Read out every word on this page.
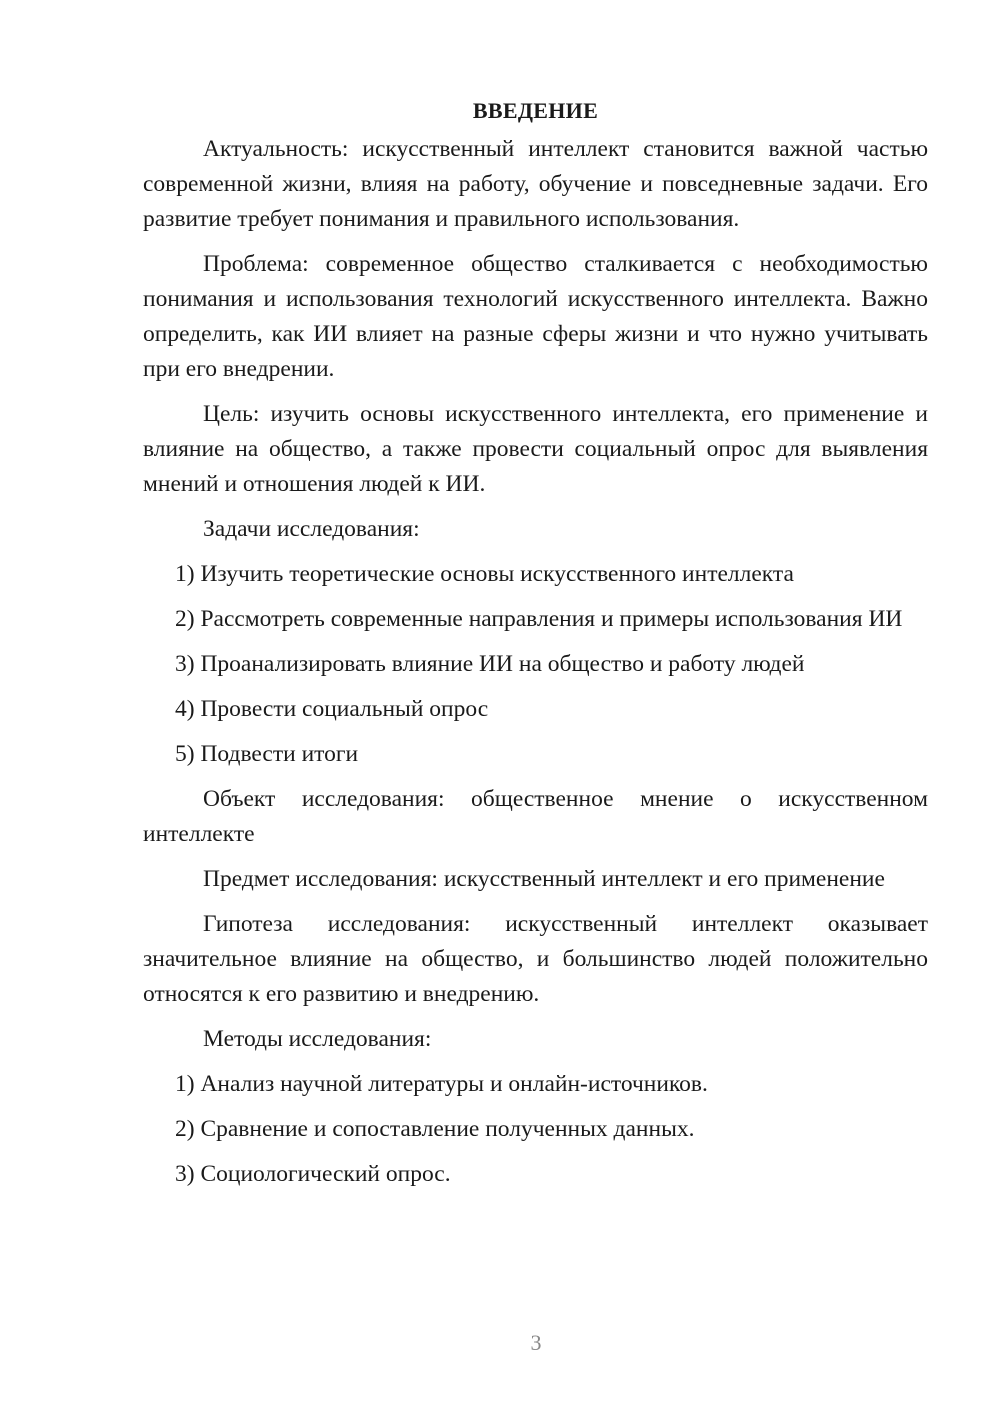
ВВЕДЕНИЕ

Актуальность: искусственный интеллект становится важной частью современной жизни, влияя на работу, обучение и повседневные задачи. Его развитие требует понимания и правильного использования.

Проблема: современное общество сталкивается с необходимостью понимания и использования технологий искусственного интеллекта. Важно определить, как ИИ влияет на разные сферы жизни и что нужно учитывать при его внедрении.

Цель: изучить основы искусственного интеллекта, его применение и влияние на общество, а также провести социальный опрос для выявления мнений и отношения людей к ИИ.

Задачи исследования:

1) Изучить теоретические основы искусственного интеллекта

2) Рассмотреть современные направления и примеры использования ИИ

3) Проанализировать влияние ИИ на общество и работу людей

4) Провести социальный опрос

5) Подвести итоги

Объект исследования: общественное мнение о искусственном интеллекте

Предмет исследования: искусственный интеллект и его применение

Гипотеза исследования: искусственный интеллект оказывает значительное влияние на общество, и большинство людей положительно относятся к его развитию и внедрению.

Методы исследования:

1) Анализ научной литературы и онлайн-источников.

2) Сравнение и сопоставление полученных данных.

3) Социологический опрос.

3
